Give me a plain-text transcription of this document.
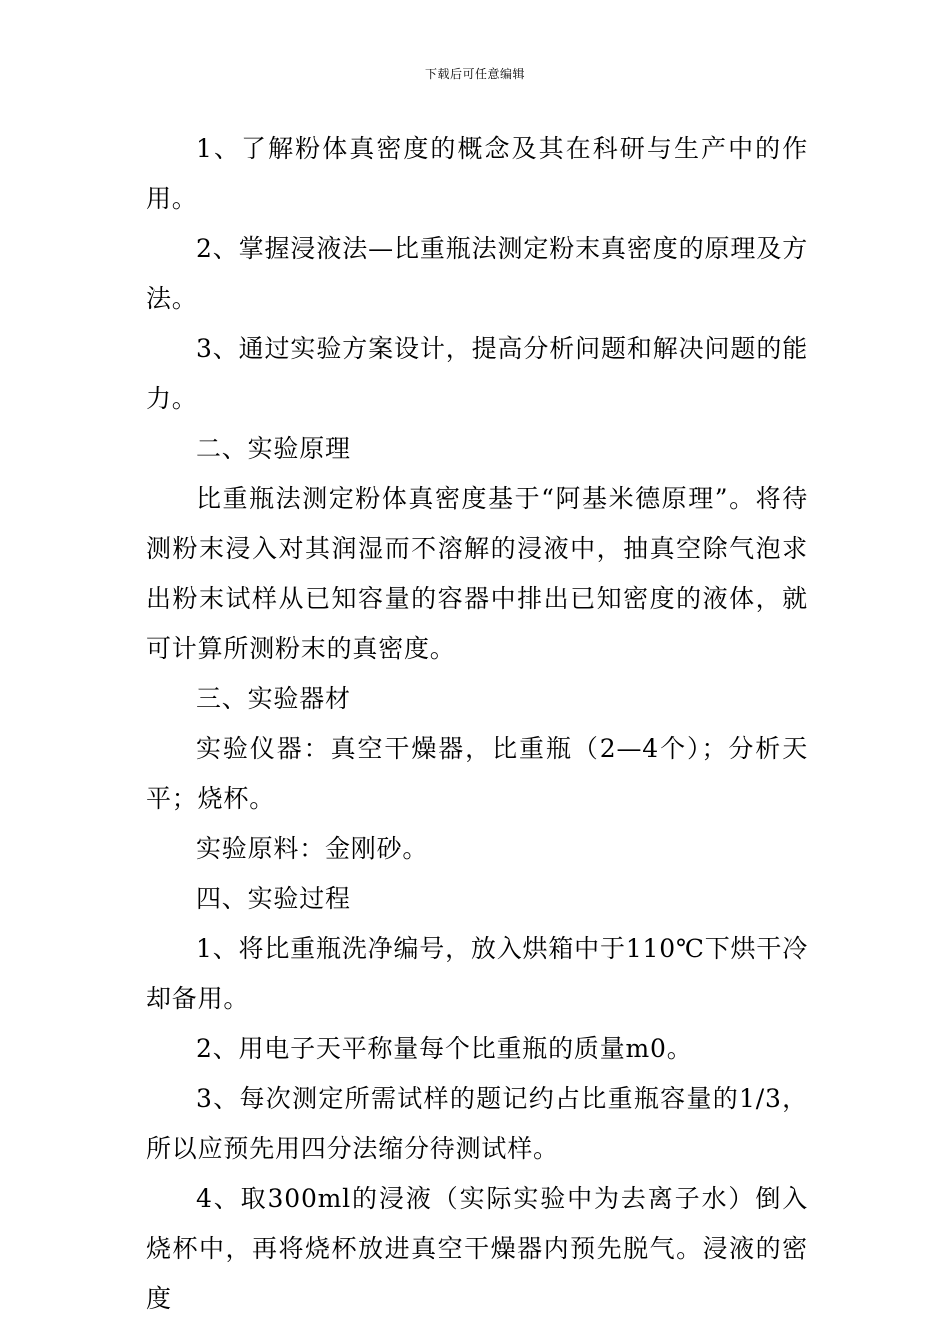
下载后可任意编辑

1、了解粉体真密度的概念及其在科研与生产中的作用。

2、掌握浸液法—比重瓶法测定粉末真密度的原理及方法。

3、通过实验方案设计，提高分析问题和解决问题的能力。

二、实验原理

比重瓶法测定粉体真密度基于“阿基米德原理”。将待测粉末浸入对其润湿而不溶解的浸液中，抽真空除气泡求出粉末试样从已知容量的容器中排出已知密度的液体，就可计算所测粉末的真密度。

三、实验器材

实验仪器：真空干燥器，比重瓶（2—4个）；分析天平；烧杯。

实验原料：金刚砂。

四、实验过程

1、将比重瓶洗净编号，放入烘箱中于110℃下烘干冷却备用。

2、用电子天平称量每个比重瓶的质量m0。

3、每次测定所需试样的题记约占比重瓶容量的1/3，所以应预先用四分法缩分待测试样。

4、取300ml的浸液（实际实验中为去离子水）倒入烧杯中，再将烧杯放进真空干燥器内预先脱气。浸液的密度
